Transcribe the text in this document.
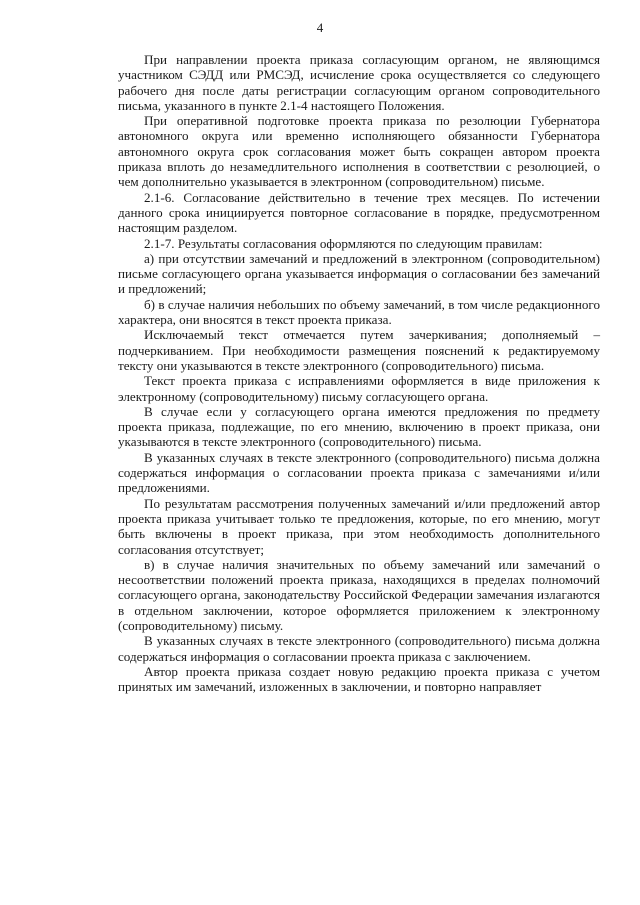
4

При направлении проекта приказа согласующим органом, не являющимся участником СЭДД или РМСЭД, исчисление срока осуществляется со следующего рабочего дня после даты регистрации согласующим органом сопроводительного письма, указанного в пункте 2.1-4 настоящего Положения.

При оперативной подготовке проекта приказа по резолюции Губернатора автономного округа или временно исполняющего обязанности Губернатора автономного округа срок согласования может быть сокращен автором проекта приказа вплоть до незамедлительного исполнения в соответствии с резолюцией, о чем дополнительно указывается в электронном (сопроводительном) письме.

2.1-6. Согласование действительно в течение трех месяцев. По истечении данного срока инициируется повторное согласование в порядке, предусмотренном настоящим разделом.

2.1-7. Результаты согласования оформляются по следующим правилам:

а) при отсутствии замечаний и предложений в электронном (сопроводительном) письме согласующего органа указывается информация о согласовании без замечаний и предложений;

б) в случае наличия небольших по объему замечаний, в том числе редакционного характера, они вносятся в текст проекта приказа.

Исключаемый текст отмечается путем зачеркивания; дополняемый – подчеркиванием. При необходимости размещения пояснений к редактируемому тексту они указываются в тексте электронного (сопроводительного) письма.

Текст проекта приказа с исправлениями оформляется в виде приложения к электронному (сопроводительному) письму согласующего органа.

В случае если у согласующего органа имеются предложения по предмету проекта приказа, подлежащие, по его мнению, включению в проект приказа, они указываются в тексте электронного (сопроводительного) письма.

В указанных случаях в тексте электронного (сопроводительного) письма должна содержаться информация о согласовании проекта приказа с замечаниями и/или предложениями.

По результатам рассмотрения полученных замечаний и/или предложений автор проекта приказа учитывает только те предложения, которые, по его мнению, могут быть включены в проект приказа, при этом необходимость дополнительного согласования отсутствует;

в) в случае наличия значительных по объему замечаний или замечаний о несоответствии положений проекта приказа, находящихся в пределах полномочий согласующего органа, законодательству Российской Федерации замечания излагаются в отдельном заключении, которое оформляется приложением к электронному (сопроводительному) письму.

В указанных случаях в тексте электронного (сопроводительного) письма должна содержаться информация о согласовании проекта приказа с заключением.

Автор проекта приказа создает новую редакцию проекта приказа с учетом принятых им замечаний, изложенных в заключении, и повторно направляет
